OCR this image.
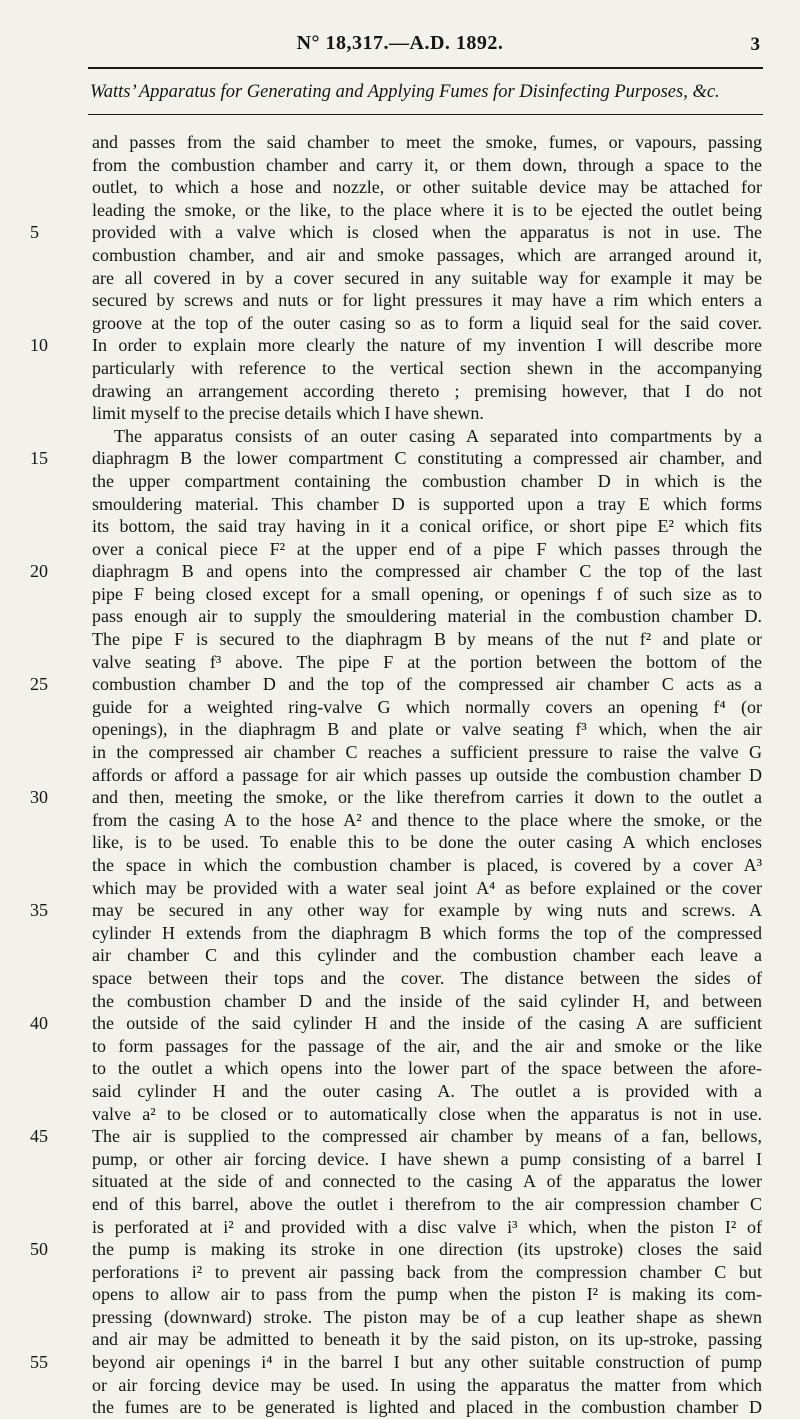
N° 18,317.—A.D. 1892.	3
Watts’ Apparatus for Generating and Applying Fumes for Disinfecting Purposes, &c.
and passes from the said chamber to meet the smoke, fumes, or vapours, passing
from the combustion chamber and carry it, or them down, through a space to the
outlet, to which a hose and nozzle, or other suitable device may be attached for
leading the smoke, or the like, to the place where it is to be ejected the outlet being
5	provided with a valve which is closed when the apparatus is not in use. The
combustion chamber, and air and smoke passages, which are arranged around it,
are all covered in by a cover secured in any suitable way for example it may be
secured by screws and nuts or for light pressures it may have a rim which enters a
groove at the top of the outer casing so as to form a liquid seal for the said cover.
10	In order to explain more clearly the nature of my invention I will describe more
particularly with reference to the vertical section shewn in the accompanying
drawing an arrangement according thereto ; premising however, that I do not
limit myself to the precise details which I have shewn.
The apparatus consists of an outer casing A separated into compartments by a
15	diaphragm B the lower compartment C constituting a compressed air chamber, and
the upper compartment containing the combustion chamber D in which is the
smouldering material. This chamber D is supported upon a tray E which forms
its bottom, the said tray having in it a conical orifice, or short pipe E² which fits
over a conical piece F² at the upper end of a pipe F which passes through the
20	diaphragm B and opens into the compressed air chamber C the top of the last
pipe F being closed except for a small opening, or openings f of such size as to
pass enough air to supply the smouldering material in the combustion chamber D.
The pipe F is secured to the diaphragm B by means of the nut f² and plate or
valve seating f³ above. The pipe F at the portion between the bottom of the
25	combustion chamber D and the top of the compressed air chamber C acts as a
guide for a weighted ring-valve G which normally covers an opening f⁴ (or
openings), in the diaphragm B and plate or valve seating f³ which, when the air
in the compressed air chamber C reaches a sufficient pressure to raise the valve G
affords or afford a passage for air which passes up outside the combustion chamber D
30	and then, meeting the smoke, or the like therefrom carries it down to the outlet a
from the casing A to the hose A² and thence to the place where the smoke, or the
like, is to be used. To enable this to be done the outer casing A which encloses
the space in which the combustion chamber is placed, is covered by a cover A³
which may be provided with a water seal joint A⁴ as before explained or the cover
35	may be secured in any other way for example by wing nuts and screws. A
cylinder H extends from the diaphragm B which forms the top of the compressed
air chamber C and this cylinder and the combustion chamber each leave a
space between their tops and the cover. The distance between the sides of
the combustion chamber D and the inside of the said cylinder H, and between
40	the outside of the said cylinder H and the inside of the casing A are sufficient
to form passages for the passage of the air, and the air and smoke or the like
to the outlet a which opens into the lower part of the space between the afore-
said cylinder H and the outer casing A. The outlet a is provided with a
valve a² to be closed or to automatically close when the apparatus is not in use.
45	The air is supplied to the compressed air chamber by means of a fan, bellows,
pump, or other air forcing device. I have shewn a pump consisting of a barrel I
situated at the side of and connected to the casing A of the apparatus the lower
end of this barrel, above the outlet i therefrom to the air compression chamber C
is perforated at i² and provided with a disc valve i³ which, when the piston I² of
50	the pump is making its stroke in one direction (its upstroke) closes the said
perforations i² to prevent air passing back from the compression chamber C but
opens to allow air to pass from the pump when the piston I² is making its com-
pressing (downward) stroke. The piston may be of a cup leather shape as shewn
and air may be admitted to beneath it by the said piston, on its up-stroke, passing
55	beyond air openings i⁴ in the barrel I but any other suitable construction of pump
or air forcing device may be used. In using the apparatus the matter from which
the fumes are to be generated is lighted and placed in the combustion chamber D
